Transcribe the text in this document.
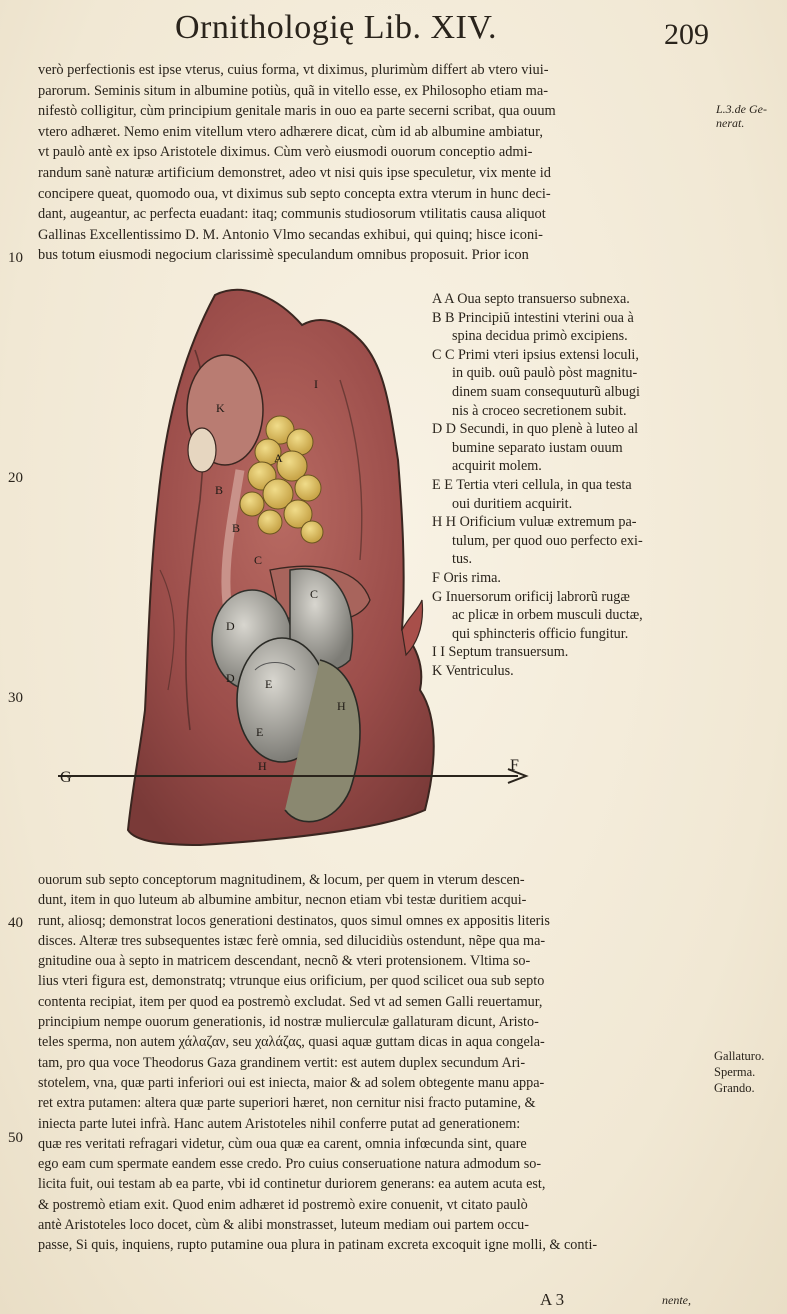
Ornithologię Lib. XIV.	209
L.3.de Ge-
nerat.
verò perfectionis est ipse vterus, cuius forma, vt diximus, plurimùm differt ab vtero viui-
parorum. Seminis situm in albumine potiùs, quã in vitello esse, ex Philosopho etiam ma-
nifestò colligitur, cùm principium genitale maris in ouo ea parte secerni scribat, qua ouum
vtero adhæret. Nemo enim vitellum vtero adhærere dicat, cùm id ab albumine ambiatur,
vt paulò antè ex ipso Aristotele diximus. Cùm verò eiusmodi ouorum conceptio admi-
randum sanè naturæ artificium demonstret, adeo vt nisi quis ipse speculetur, vix mente id
concipere queat, quomodo oua, vt diximus sub septo concepta extra vterum in hunc deci-
dant, augeantur, ac perfecta euadant: itaq; communis studiosorum vtilitatis causa aliquot
Gallinas Excellentissimo D. M. Antonio Vlmo secandas exhibui, qui quinq; hisce iconi-
bus totum eiusmodi negocium clarissimè speculandum omnibus proposuit. Prior icon
10
20
30
40
50
K
I
A
B
B
C
C
D
D	E
E
H
H
G
F
A A Oua septo transuerso subnexa.
B B Principiŭ intestini vterini oua à
spina decidua primò excipiens.
C C Primi vteri ipsius extensi loculi,
in quib. ouũ paulò pòst magnitu-
dinem suam consequuturũ albugi
nis à croceo secretionem subit.
D D Secundi, in quo plenè à luteo al
bumine separato iustam ouum
acquirit molem.
E E Tertia vteri cellula, in qua testa
oui duritiem acquirit.
H H Orificium vuluæ extremum pa-
tulum, per quod ouo perfecto exi-
tus.
F Oris rima.
G Inuersorum orificij labrorũ rugæ
ac plicæ in orbem musculi ductæ,
qui sphincteris officio fungitur.
I I Septum transuersum.
K Ventriculus.
ouorum sub septo conceptorum magnitudinem, & locum, per quem in vterum descen-
dunt, item in quo luteum ab albumine ambitur, necnon etiam vbi testæ duritiem acqui-
runt, aliosq; demonstrat locos generationi destinatos, quos simul omnes ex appositis literis
disces. Alteræ tres subsequentes istæc ferè omnia, sed dilucidiùs ostendunt, nẽpe qua ma-
gnitudine oua à septo in matricem descendant, necnõ & vteri protensionem. Vltima so-
lius vteri figura est, demonstratq; vtrunque eius orificium, per quod scilicet oua sub septo
contenta recipiat, item per quod ea postremò excludat. Sed vt ad semen Galli reuertamur,
principium nempe ouorum generationis, id nostræ mulierculæ gallaturam dicunt, Aristo-
teles sperma, non autem χάλαζαν, seu χαλάζας, quasi aquæ guttam dicas in aqua congela-
tam, pro qua voce Theodorus Gaza grandinem vertit: est autem duplex secundum Ari-
stotelem, vna, quæ parti inferiori oui est iniecta, maior & ad solem obtegente manu appa-
ret extra putamen: altera quæ parte superiori hæret, non cernitur nisi fracto putamine, &
iniecta parte lutei infrà. Hanc autem Aristoteles nihil conferre putat ad generationem:
quæ res veritati refragari videtur, cùm oua quæ ea carent, omnia infœcunda sint, quare
ego eam cum spermate eandem esse credo. Pro cuius conseruatione natura admodum so-
licita fuit, oui testam ab ea parte, vbi id continetur duriorem generans: ea autem acuta est,
& postremò etiam exit. Quod enim adhæret id postremò exire conuenit, vt citato paulò
antè Aristoteles loco docet, cùm & alibi monstrasset, luteum mediam oui partem occu-
passe, Si quis, inquiens, rupto putamine oua plura in patinam excreta excoquit igne molli, & conti-
Gallaturo.
Sperma.
Grando.
A 3	nente,
